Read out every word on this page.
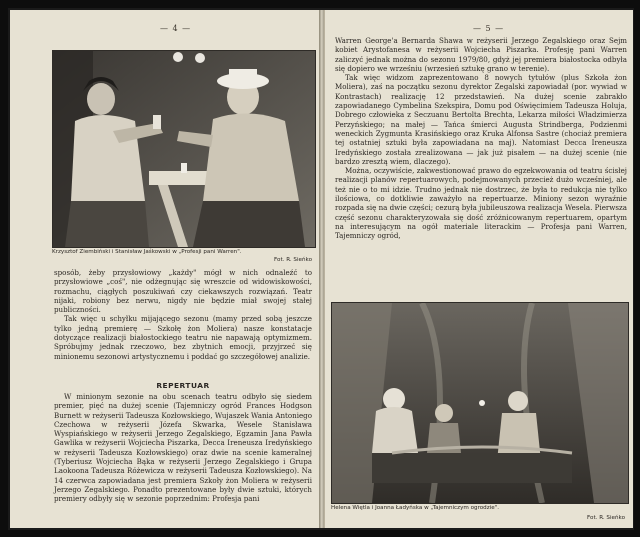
— 4 —
Krzysztof Ziembiński i Stanisław Jaśkowski w „Profesji pani Warren".
Fot. R. Sieńko

sposób, żeby przysłowiowy „każdy" mógł w nich odnaleźć to przysłowiowe „coś", nie odżegnując się wreszcie od widowiskowości, rozmachu, ciągłych poszukiwań czy ciekawszych rozwiązań. Teatr nijaki, robiony bez nerwu, nigdy nie będzie miał swojej stałej publiczności.

Tak więc u schyłku mijającego sezonu (mamy przed sobą jeszcze tylko jedną premierę — Szkołę żon Moliera) nasze konstatacje dotyczące realizacji białostockiego teatru nie napawają optymizmem. Spróbujmy jednak rzeczowo, bez zbytnich emocji, przyjrzeć się minionemu sezonowi artystycznemu i poddać go szczegółowej analizie.

REPERTUAR

W minionym sezonie na obu scenach teatru odbyło się siedem premier, pięć na dużej scenie (Tajemniczy ogród Frances Hodgson Burnett w reżyserii Tadeusza Kozłowskiego, Wujaszek Wania Antoniego Czechowa w reżyserii Józefa Skwarka, Wesele Stanisława Wyspiańskiego w reżyserii Jerzego Zegalskiego, Egzamin Jana Pawła Gawlika w reżyserii Wojciecha Piszarka, Decca Ireneusza Iredyńskiego w reżyserii Tadeusza Kozłowskiego) oraz dwie na scenie kameralnej (Tyberiusz Wojciecha Bąka w reżyserii Jerzego Zegalskiego i Grupa Laokoona Tadeusza Różewicza w reżyserii Tadeusza Kozłowskiego). Na 14 czerwca zapowiadana jest premiera Szkoły żon Moliera w reżyserii Jerzego Zegalskiego. Ponadto prezentowane były dwie sztuki, których premiery odbyły się w sezonie poprzednim: Profesja pani

— 5 —

Warren George'a Bernarda Shawa w reżyserii Jerzego Zegalskiego oraz Sejm kobiet Arystofanesa w reżyserii Wojciecha Piszarka. Profesję pani Warren zaliczyć jednak można do sezonu 1979/80, gdyż jej premiera białostocka odbyła się dopiero we wrześniu (wrzesień sztukę grano w terenie).

Tak więc widzom zaprezentowano 8 nowych tytułów (plus Szkoła żon Moliera), zaś na początku sezonu dyrektor Zegalski zapowiadał (por. wywiad w Kontrastach) realizację 12 przedstawień. Na dużej scenie zabrakło zapowiadanego Cymbelina Szekspira, Domu pod Oświęcimiem Tadeusza Holuja, Dobrego człowieka z Seczuanu Bertolta Brechta, Lekarza miłości Władzimierza Perzyńskiego; na małej — Tańca śmierci Augusta Strindberga, Podzienmi weneckich Zygmunta Krasińskiego oraz Kruka Alfonsa Sastre (chociaż premiera tej ostatniej sztuki była zapowiadana na maj). Natomiast Decca Ireneusza Iredyńskiego została zrealizowana — jak już pisałem — na dużej scenie (nie bardzo zresztą wiem, dlaczego).

Można, oczywiście, zakwestionować prawo do egzekwowania od teatru ścisłej realizacji planów repertuarowych, podejmowanych przecież dużo wcześniej, ale też nie o to mi idzie. Trudno jednak nie dostrzec, że była to redukcja nie tylko ilościowa, co dotkliwie zaważyło na repertuarze. Miniony sezon wyraźnie rozpada się na dwie części; cezurą była jubileuszowa realizacja Wesela. Pierwsza część sezonu charakteryzowała się dość zróżnicowanym repertuarem, opartym na interesującym na ogół materiale literackim — Profesja pani Warren, Tajemniczy ogród,

Helena Więtla i Joanna Ładyńska w „Tajemniczym ogrodzie".
Fot. R. Sieńko
